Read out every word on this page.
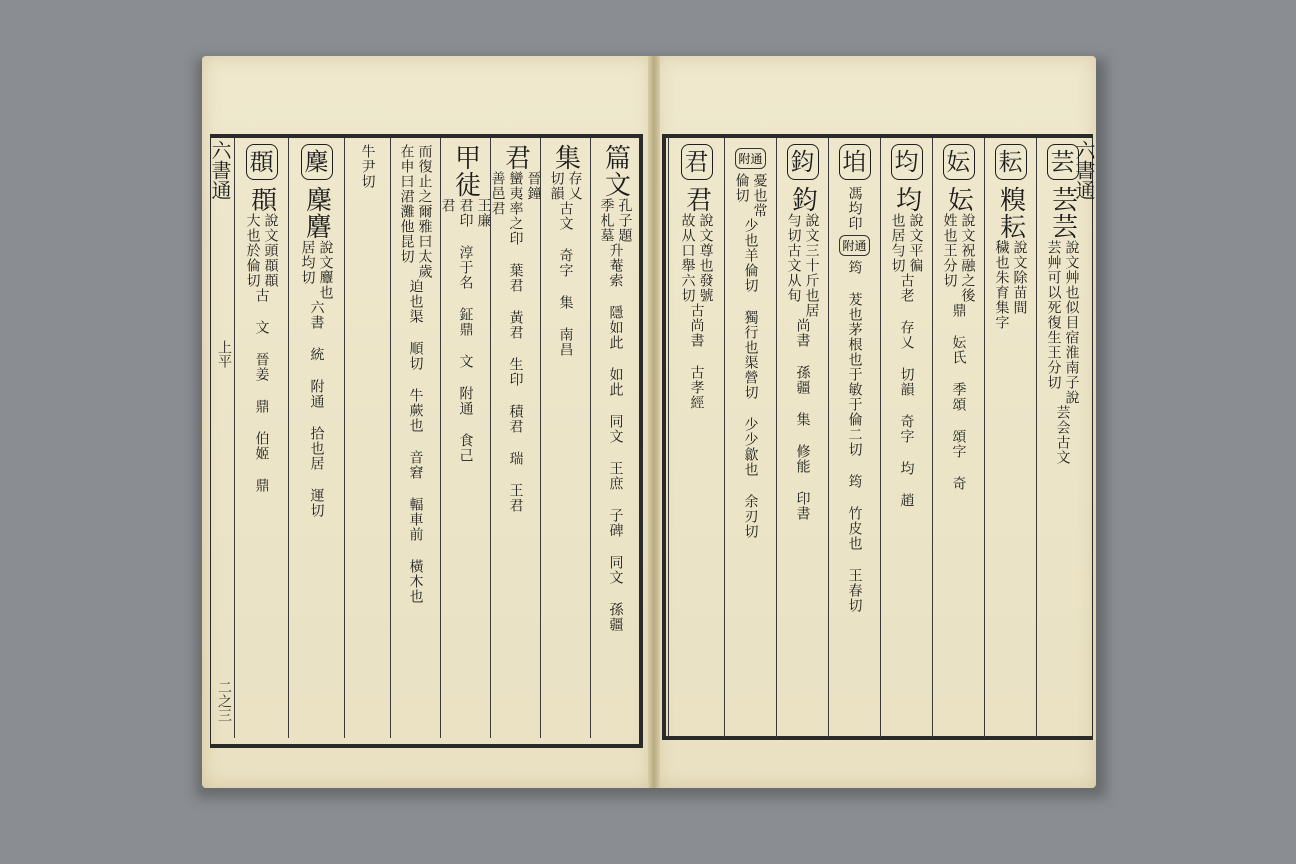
六書通
六書通
上平
二之三
芸
芸芸
說文艸也似目宿淮南子說
芸艸可以死復生王分切
芸会古文
耘
糗耘
說文除苗間
穢也朱育集字
妘
妘
說文祝融之後
姓也王分切
鼎 妘氏 季頌 頌字 奇
均
均
說文平徧
也居勻切
古老 存乂 切韻 奇字 均 趙
垍
馮均印
附通
筠 茇也茅根也于敏于倫二切 筠 竹皮也 王春切
鈞
鈞
說文三十斤也居
勻切古文从旬
尚書 孫疆 集 修能 印書
附通
憂也常
倫切
少也羊倫切 獨行也渠營切 少少歙也 余刃切
君
君
說文尊也發號
故从口舉六切
古尚書 古孝經
篇文
孔子題
季札墓
升菴索 隱如此 如此 同文 王庶 子碑 同文 孫疆
集
存乂
切韻
古文 奇字 集 南昌
君
晉鐘
蠻夷率
善邑君
之印 葉君 黃君 生印 積君 瑞 王君
甲徒
王廉
君印 淳于
君
名 鉦鼎 文 附通 食己
而復止之爾雅曰太歲
在申曰涒灘他昆切
迫也渠 順切 牛蕨也 音窘 輻車前 橫木也
牛尹
切
麇
麇麏
說文麞也
居均切
六書 統 附通 拾也居 運切
頵
頵
說文頭頵頵
大也於倫切
古 文 晉姜 鼎 伯姬 鼎
